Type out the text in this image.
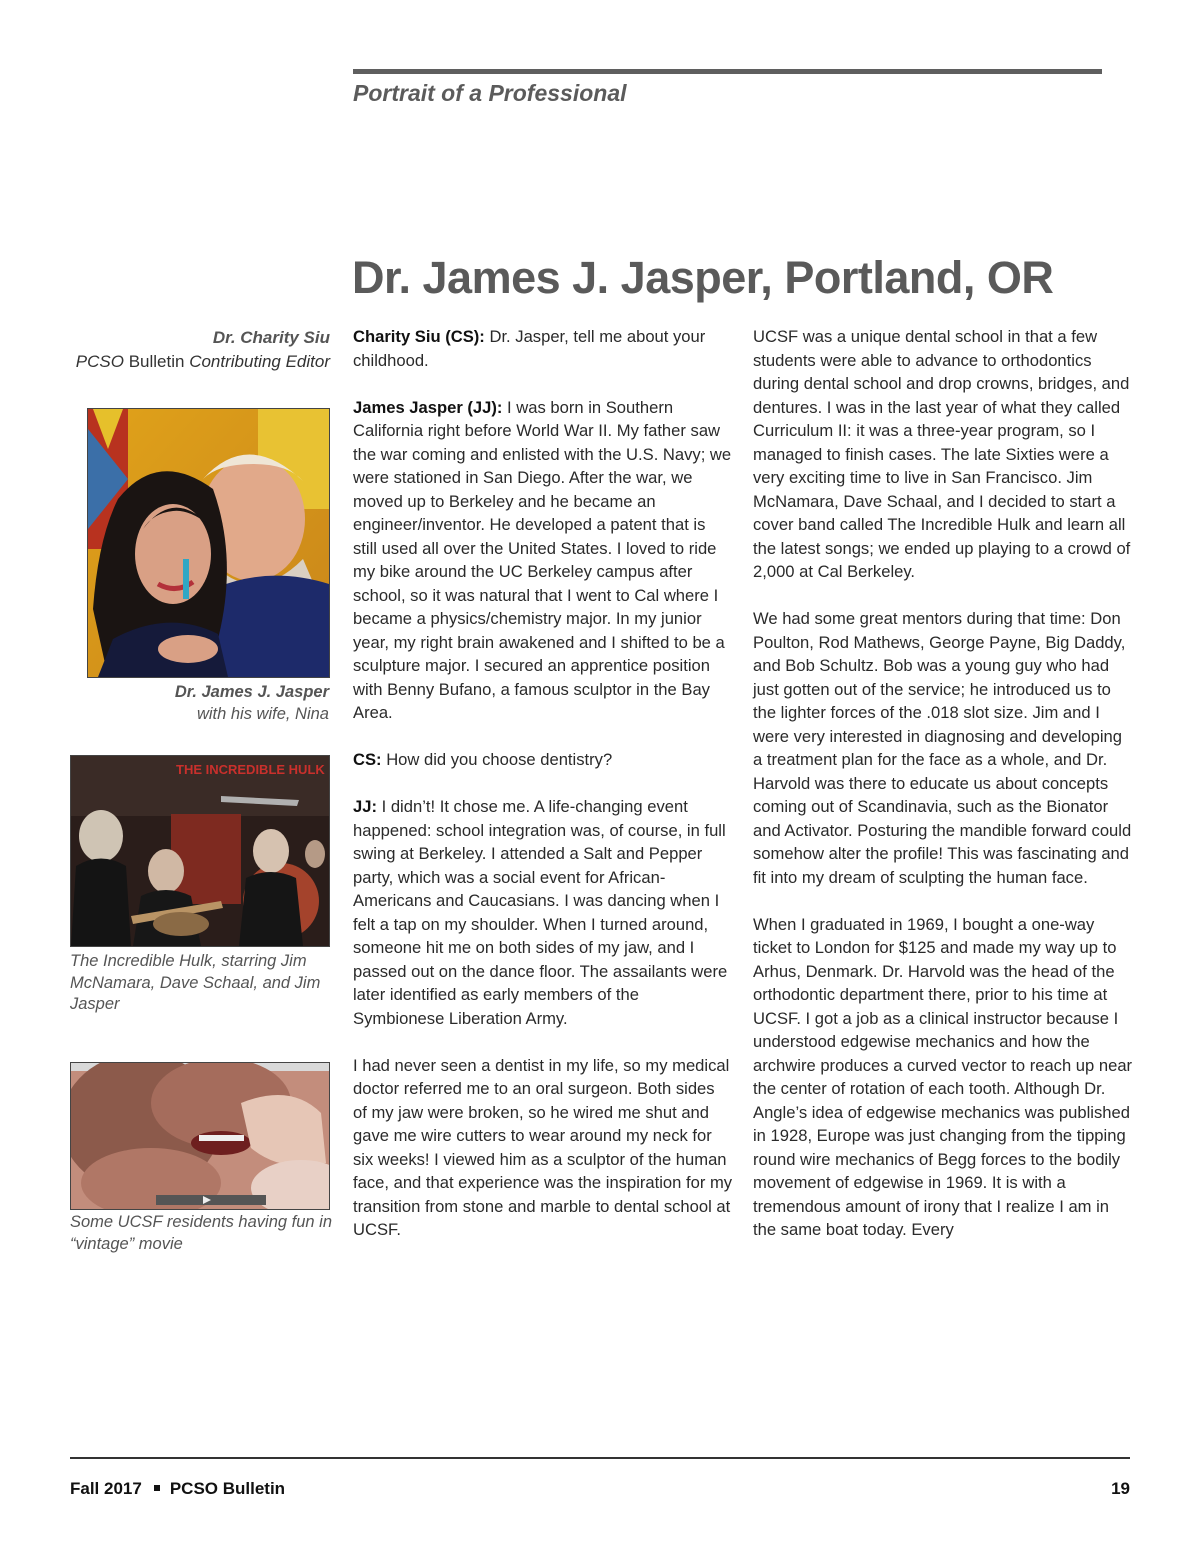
Portrait of a Professional
Dr. James J. Jasper, Portland, OR
Dr. Charity Siu
PCSO Bulletin Contributing Editor
Dr. James J. Jasper
with his wife, Nina
THE INCREDIBLE HULK
The Incredible Hulk, starring Jim McNamara, Dave Schaal, and Jim Jasper
Some UCSF residents having fun in “vintage” movie

Charity Siu (CS): Dr. Jasper, tell me about your childhood.

James Jasper (JJ): I was born in Southern California right before World War II. My father saw the war coming and enlisted with the U.S. Navy; we were stationed in San Diego. After the war, we moved up to Berkeley and he became an engineer/inventor. He developed a patent that is still used all over the United States. I loved to ride my bike around the UC Berkeley campus after school, so it was natural that I went to Cal where I became a physics/chemistry major. In my junior year, my right brain awakened and I shifted to be a sculpture major. I secured an apprentice position with Benny Bufano, a famous sculptor in the Bay Area.

CS: How did you choose dentistry?

JJ: I didn’t! It chose me. A life-changing event happened: school integration was, of course, in full swing at Berkeley. I attended a Salt and Pepper party, which was a social event for African-Americans and Caucasians. I was dancing when I felt a tap on my shoulder. When I turned around, someone hit me on both sides of my jaw, and I passed out on the dance floor. The assailants were later identified as early members of the Symbionese Liberation Army.

I had never seen a dentist in my life, so my medical doctor referred me to an oral surgeon. Both sides of my jaw were broken, so he wired me shut and gave me wire cutters to wear around my neck for six weeks! I viewed him as a sculptor of the human face, and that experience was the inspiration for my transition from stone and marble to dental school at UCSF.

UCSF was a unique dental school in that a few students were able to advance to orthodontics during dental school and drop crowns, bridges, and dentures. I was in the last year of what they called Curriculum II: it was a three-year program, so I managed to finish cases. The late Sixties were a very exciting time to live in San Francisco. Jim McNamara, Dave Schaal, and I decided to start a cover band called The Incredible Hulk and learn all the latest songs; we ended up playing to a crowd of 2,000 at Cal Berkeley.

We had some great mentors during that time: Don Poulton, Rod Mathews, George Payne, Big Daddy, and Bob Schultz. Bob was a young guy who had just gotten out of the service; he introduced us to the lighter forces of the .018 slot size. Jim and I were very interested in diagnosing and developing a treatment plan for the face as a whole, and Dr. Harvold was there to educate us about concepts coming out of Scandinavia, such as the Bionator and Activator. Posturing the mandible forward could somehow alter the profile! This was fascinating and fit into my dream of sculpting the human face.

When I graduated in 1969, I bought a one-way ticket to London for $125 and made my way up to Arhus, Denmark. Dr. Harvold was the head of the orthodontic department there, prior to his time at UCSF. I got a job as a clinical instructor because I understood edgewise mechanics and how the archwire produces a curved vector to reach up near the center of rotation of each tooth. Although Dr. Angle’s idea of edgewise mechanics was published in 1928, Europe was just changing from the tipping round wire mechanics of Begg forces to the bodily movement of edgewise in 1969. It is with a tremendous amount of irony that I realize I am in the same boat today. Every

Fall 2017 PCSO Bulletin	19
